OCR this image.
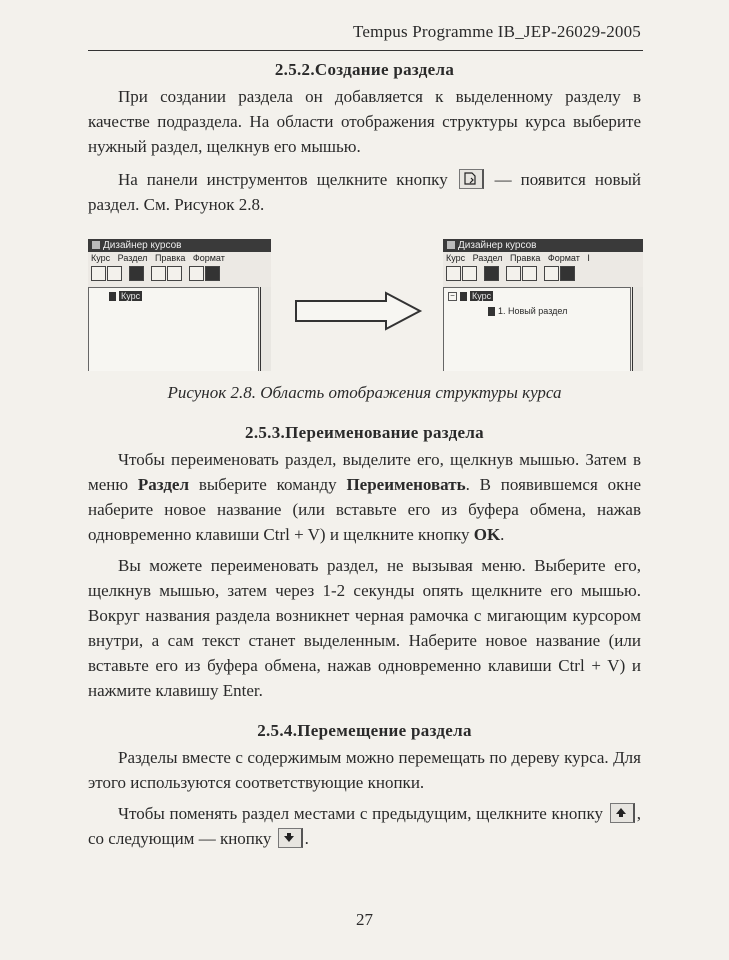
Tempus Programme IB_JEP-26029-2005
2.5.2.Создание раздела

При создании раздела он добавляется к выделенному разделу в качестве подраздела. На области отображения структуры курса выберите нужный раздел, щелкнув его мышью.

На панели инструментов щелкните кнопку	— появится новый раздел. См. Рисунок 2.8.

Дизайнер курсов
Курс Раздел Правка Формат
Курс
Дизайнер курсов
Курс Раздел Правка Формат I
− Курс
1. Новый раздел
Рисунок 2.8. Область отображения структуры курса
2.5.3.Переименование раздела

Чтобы переименовать раздел, выделите его, щелкнув мышью. Затем в меню Раздел выберите команду Переименовать. В появившемся окне наберите новое название (или вставьте его из буфера обмена, нажав одновременно клавиши Ctrl + V) и щелкните кнопку OK.

Вы можете переименовать раздел, не вызывая меню. Выберите его, щелкнув мышью, затем через 1-2 секунды опять щелкните его мышью. Вокруг названия раздела возникнет черная рамочка с мигающим курсором внутри, а сам текст станет выделенным. Наберите новое название (или вставьте его из буфера обмена, нажав одновременно клавиши Ctrl + V) и нажмите клавишу Enter.

2.5.4.Перемещение раздела

Разделы вместе с содержимым можно перемещать по дереву курса. Для этого используются соответствующие кнопки.

Чтобы поменять раздел местами с предыдущим, щелкните кнопку , со следующим — кнопку .

27
